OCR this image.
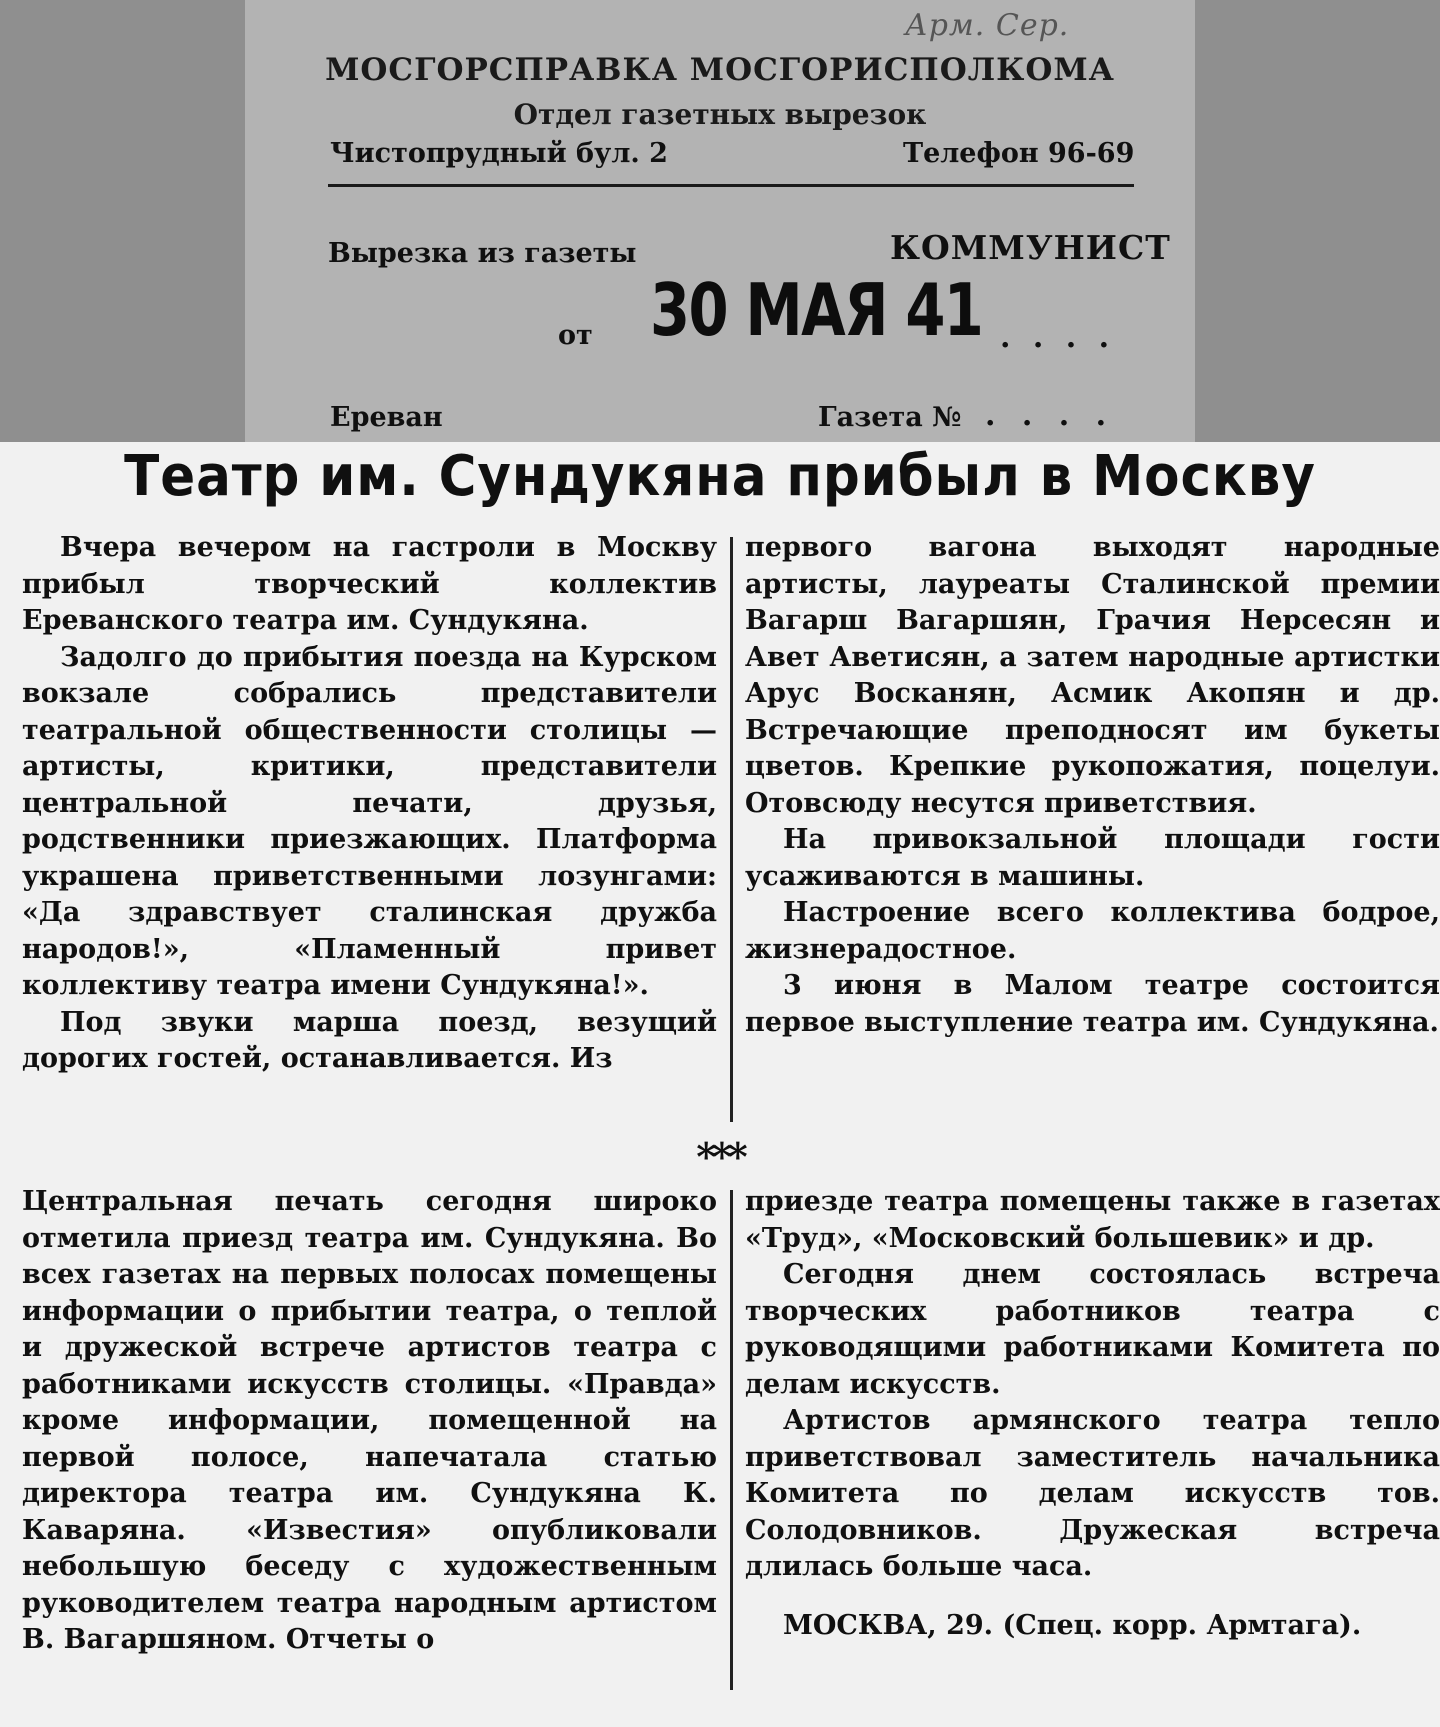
Арм. Сер.
МОСГОРСПРАВКА МОСГОРИСПОЛКОМА
Отдел газетных вырезок
Чистопрудный бул. 2	Телефон 96-69
Вырезка из газеты	КОММУНИСТ
от 30 МАЯ 41 . . . .
Ереван	Газета № . . . .
Театр им. Сундукяна прибыл в Москву

Вчера вечером на гастроли в Москву прибыл творческий коллектив Ереванского театра им. Сундукяна.

Задолго до прибытия поезда на Курском вокзале собрались представители театральной общественности столицы — артисты, критики, представители центральной печати, друзья, родственники приезжающих. Платформа украшена приветственными лозунгами: «Да здравствует сталинская дружба народов!», «Пламенный привет коллективу театра имени Сундукяна!».

Под звуки марша поезд, везущий дорогих гостей, останавливается. Из

первого вагона выходят народные артисты, лауреаты Сталинской премии Вагарш Вагаршян, Грачия Нерсесян и Авет Аветисян, а затем народные артистки Арус Восканян, Асмик Акопян и др. Встречающие преподносят им букеты цветов. Крепкие рукопожатия, поцелуи. Отовсюду несутся приветствия.

На привокзальной площади гости усаживаются в машины.

Настроение всего коллектива бодрое, жизнерадостное.

3 июня в Малом театре состоится первое выступление театра им. Сундукяна.

***

Центральная печать сегодня широко отметила приезд театра им. Сундукяна. Во всех газетах на первых полосах помещены информации о прибытии театра, о теплой и дружеской встрече артистов театра с работниками искусств столицы. «Правда» кроме информации, помещенной на первой полосе, напечатала статью директора театра им. Сундукяна К. Каваряна. «Известия» опубликовали небольшую беседу с художественным руководителем театра народным артистом В. Вагаршяном. Отчеты о

приезде театра помещены также в газетах «Труд», «Московский большевик» и др.

Сегодня днем состоялась встреча творческих работников театра с руководящими работниками Комитета по делам искусств.

Артистов армянского театра тепло приветствовал заместитель начальника Комитета по делам искусств тов. Солодовников. Дружеская встреча длилась больше часа.

МОСКВА, 29. (Спец. корр. Армтага).
